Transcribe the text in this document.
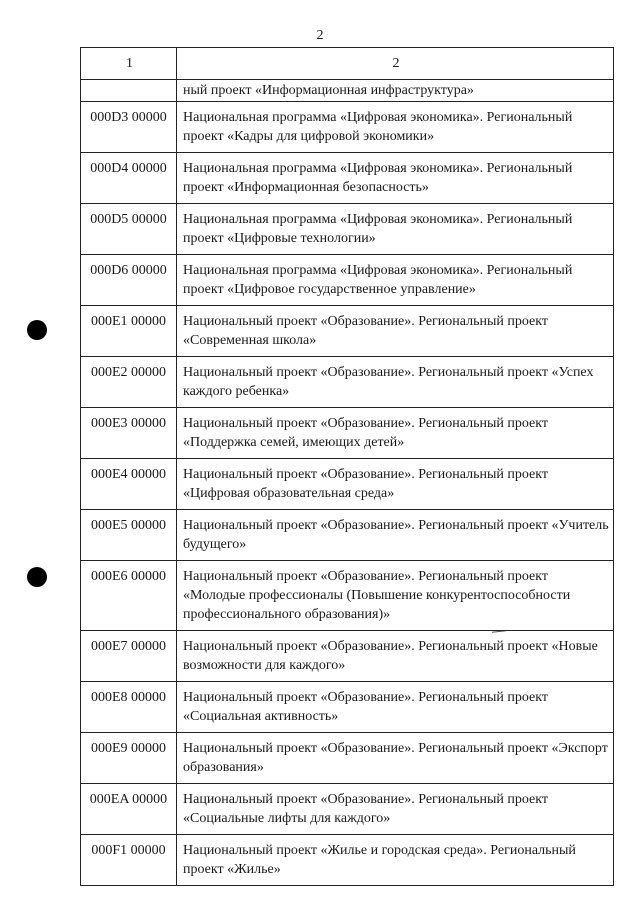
2
1	2
	ный проект «Информационная инфраструктура»
000D3 00000	Национальная программа «Цифровая экономика». Региональный проект «Кадры для цифровой экономики»
000D4 00000	Национальная программа «Цифровая экономика». Региональный проект «Информационная безопасность»
000D5 00000	Национальная программа «Цифровая экономика». Региональный проект «Цифровые технологии»
000D6 00000	Национальная программа «Цифровая экономика». Региональный проект «Цифровое государственное управление»
000E1 00000	Национальный проект «Образование». Региональный проект «Современная школа»
000E2 00000	Национальный проект «Образование». Региональный проект «Успех каждого ребенка»
000E3 00000	Национальный проект «Образование». Региональный проект «Поддержка семей, имеющих детей»
000E4 00000	Национальный проект «Образование». Региональный проект «Цифровая образовательная среда»
000E5 00000	Национальный проект «Образование». Региональный проект «Учитель будущего»
000E6 00000	Национальный проект «Образование». Региональный проект «Молодые профессионалы (Повышение конкурентоспособности профессионального образования)»
000E7 00000	Национальный проект «Образование». Региональный проект «Новые возможности для каждого»
000E8 00000	Национальный проект «Образование». Региональный проект «Социальная активность»
000E9 00000	Национальный проект «Образование». Региональный проект «Экспорт образования»
000EA 00000	Национальный проект «Образование». Региональный проект «Социальные лифты для каждого»
000F1 00000	Национальный проект «Жилье и городская среда». Региональный проект «Жилье»
